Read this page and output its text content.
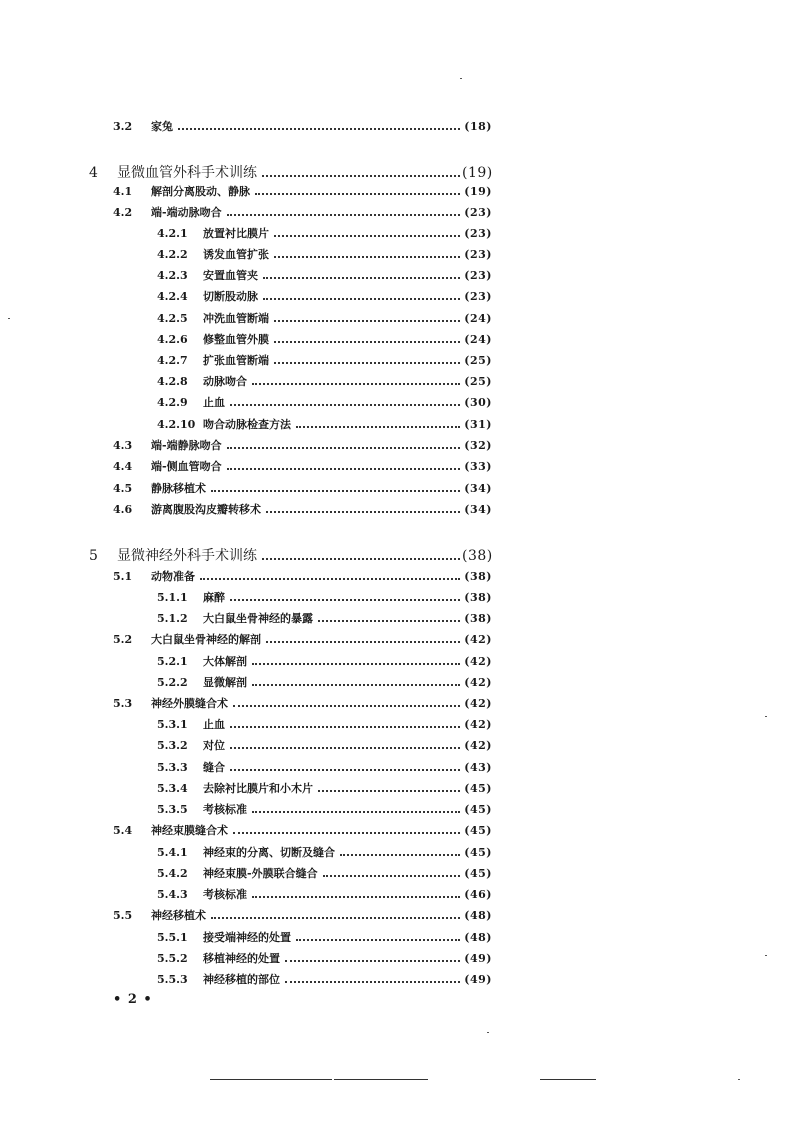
3.2	家兔	(18)
4	显微血管外科手术训练	(19)
4.1	解剖分离股动、静脉	(19)
4.2	端-端动脉吻合	(23)
4.2.1	放置衬比膜片	(23)
4.2.2	诱发血管扩张	(23)
4.2.3	安置血管夹	(23)
4.2.4	切断股动脉	(23)
4.2.5	冲洗血管断端	(24)
4.2.6	修整血管外膜	(24)
4.2.7	扩张血管断端	(25)
4.2.8	动脉吻合	(25)
4.2.9	止血	(30)
4.2.10 吻合动脉检查方法	(31)
4.3	端-端静脉吻合	(32)
4.4	端-侧血管吻合	(33)
4.5	静脉移植术	(34)
4.6	游离腹股沟皮瓣转移术	(34)
5	显微神经外科手术训练	(38)
5.1	动物准备	(38)
5.1.1	麻醉	(38)
5.1.2	大白鼠坐骨神经的暴露	(38)
5.2	大白鼠坐骨神经的解剖	(42)
5.2.1	大体解剖	(42)
5.2.2	显微解剖	(42)
5.3	神经外膜缝合术	(42)
5.3.1	止血	(42)
5.3.2	对位	(42)
5.3.3	缝合	(43)
5.3.4	去除衬比膜片和小木片	(45)
5.3.5	考核标准	(45)
5.4	神经束膜缝合术	(45)
5.4.1	神经束的分离、切断及缝合	(45)
5.4.2	神经束膜-外膜联合缝合	(45)
5.4.3	考核标准	(46)
5.5	神经移植术	(48)
5.5.1	接受端神经的处置	(48)
5.5.2	移植神经的处置	(49)
5.5.3	神经移植的部位	(49)
• 2 •
